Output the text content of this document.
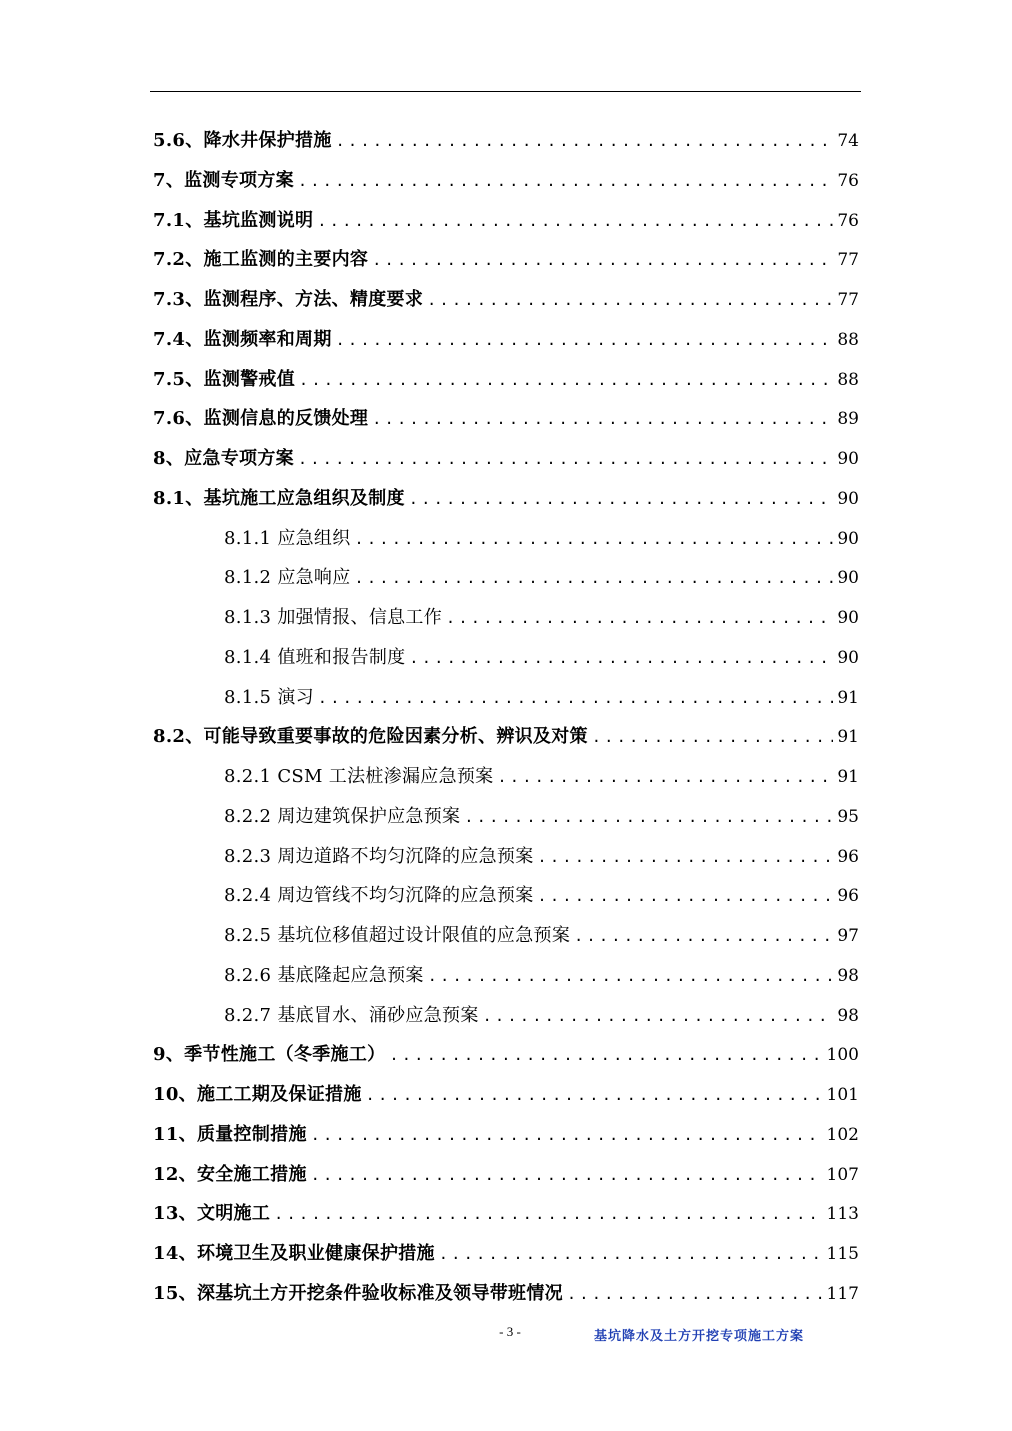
5.6、降水井保护措施 .....	74
7、监测专项方案 .....	76
7.1、基坑监测说明 .....	76
7.2、施工监测的主要内容 .....	77
7.3、监测程序、方法、精度要求 .....	77
7.4、监测频率和周期 .....	88
7.5、监测警戒值 .....	88
7.6、监测信息的反馈处理 .....	89
8、应急专项方案 .....	90
8.1、基坑施工应急组织及制度 .....	90
8.1.1 应急组织 .....	90
8.1.2 应急响应 .....	90
8.1.3 加强情报、信息工作 .....	90
8.1.4 值班和报告制度 .....	90
8.1.5 演习 .....	91
8.2、可能导致重要事故的危险因素分析、辨识及对策 .....	91
8.2.1 CSM 工法桩渗漏应急预案 .....	91
8.2.2 周边建筑保护应急预案 .....	95
8.2.3 周边道路不均匀沉降的应急预案 .....	96
8.2.4 周边管线不均匀沉降的应急预案 .....	96
8.2.5 基坑位移值超过设计限值的应急预案 .....	97
8.2.6 基底隆起应急预案 .....	98
8.2.7 基底冒水、涌砂应急预案 .....	98
9、季节性施工（冬季施工） .....	100
10、施工工期及保证措施 .....	101
11、质量控制措施 .....	102
12、安全施工措施 .....	107
13、文明施工 .....	113
14、环境卫生及职业健康保护措施 .....	115
15、深基坑土方开挖条件验收标准及领导带班情况 .....	117
- 3 -	基坑降水及土方开挖专项施工方案
